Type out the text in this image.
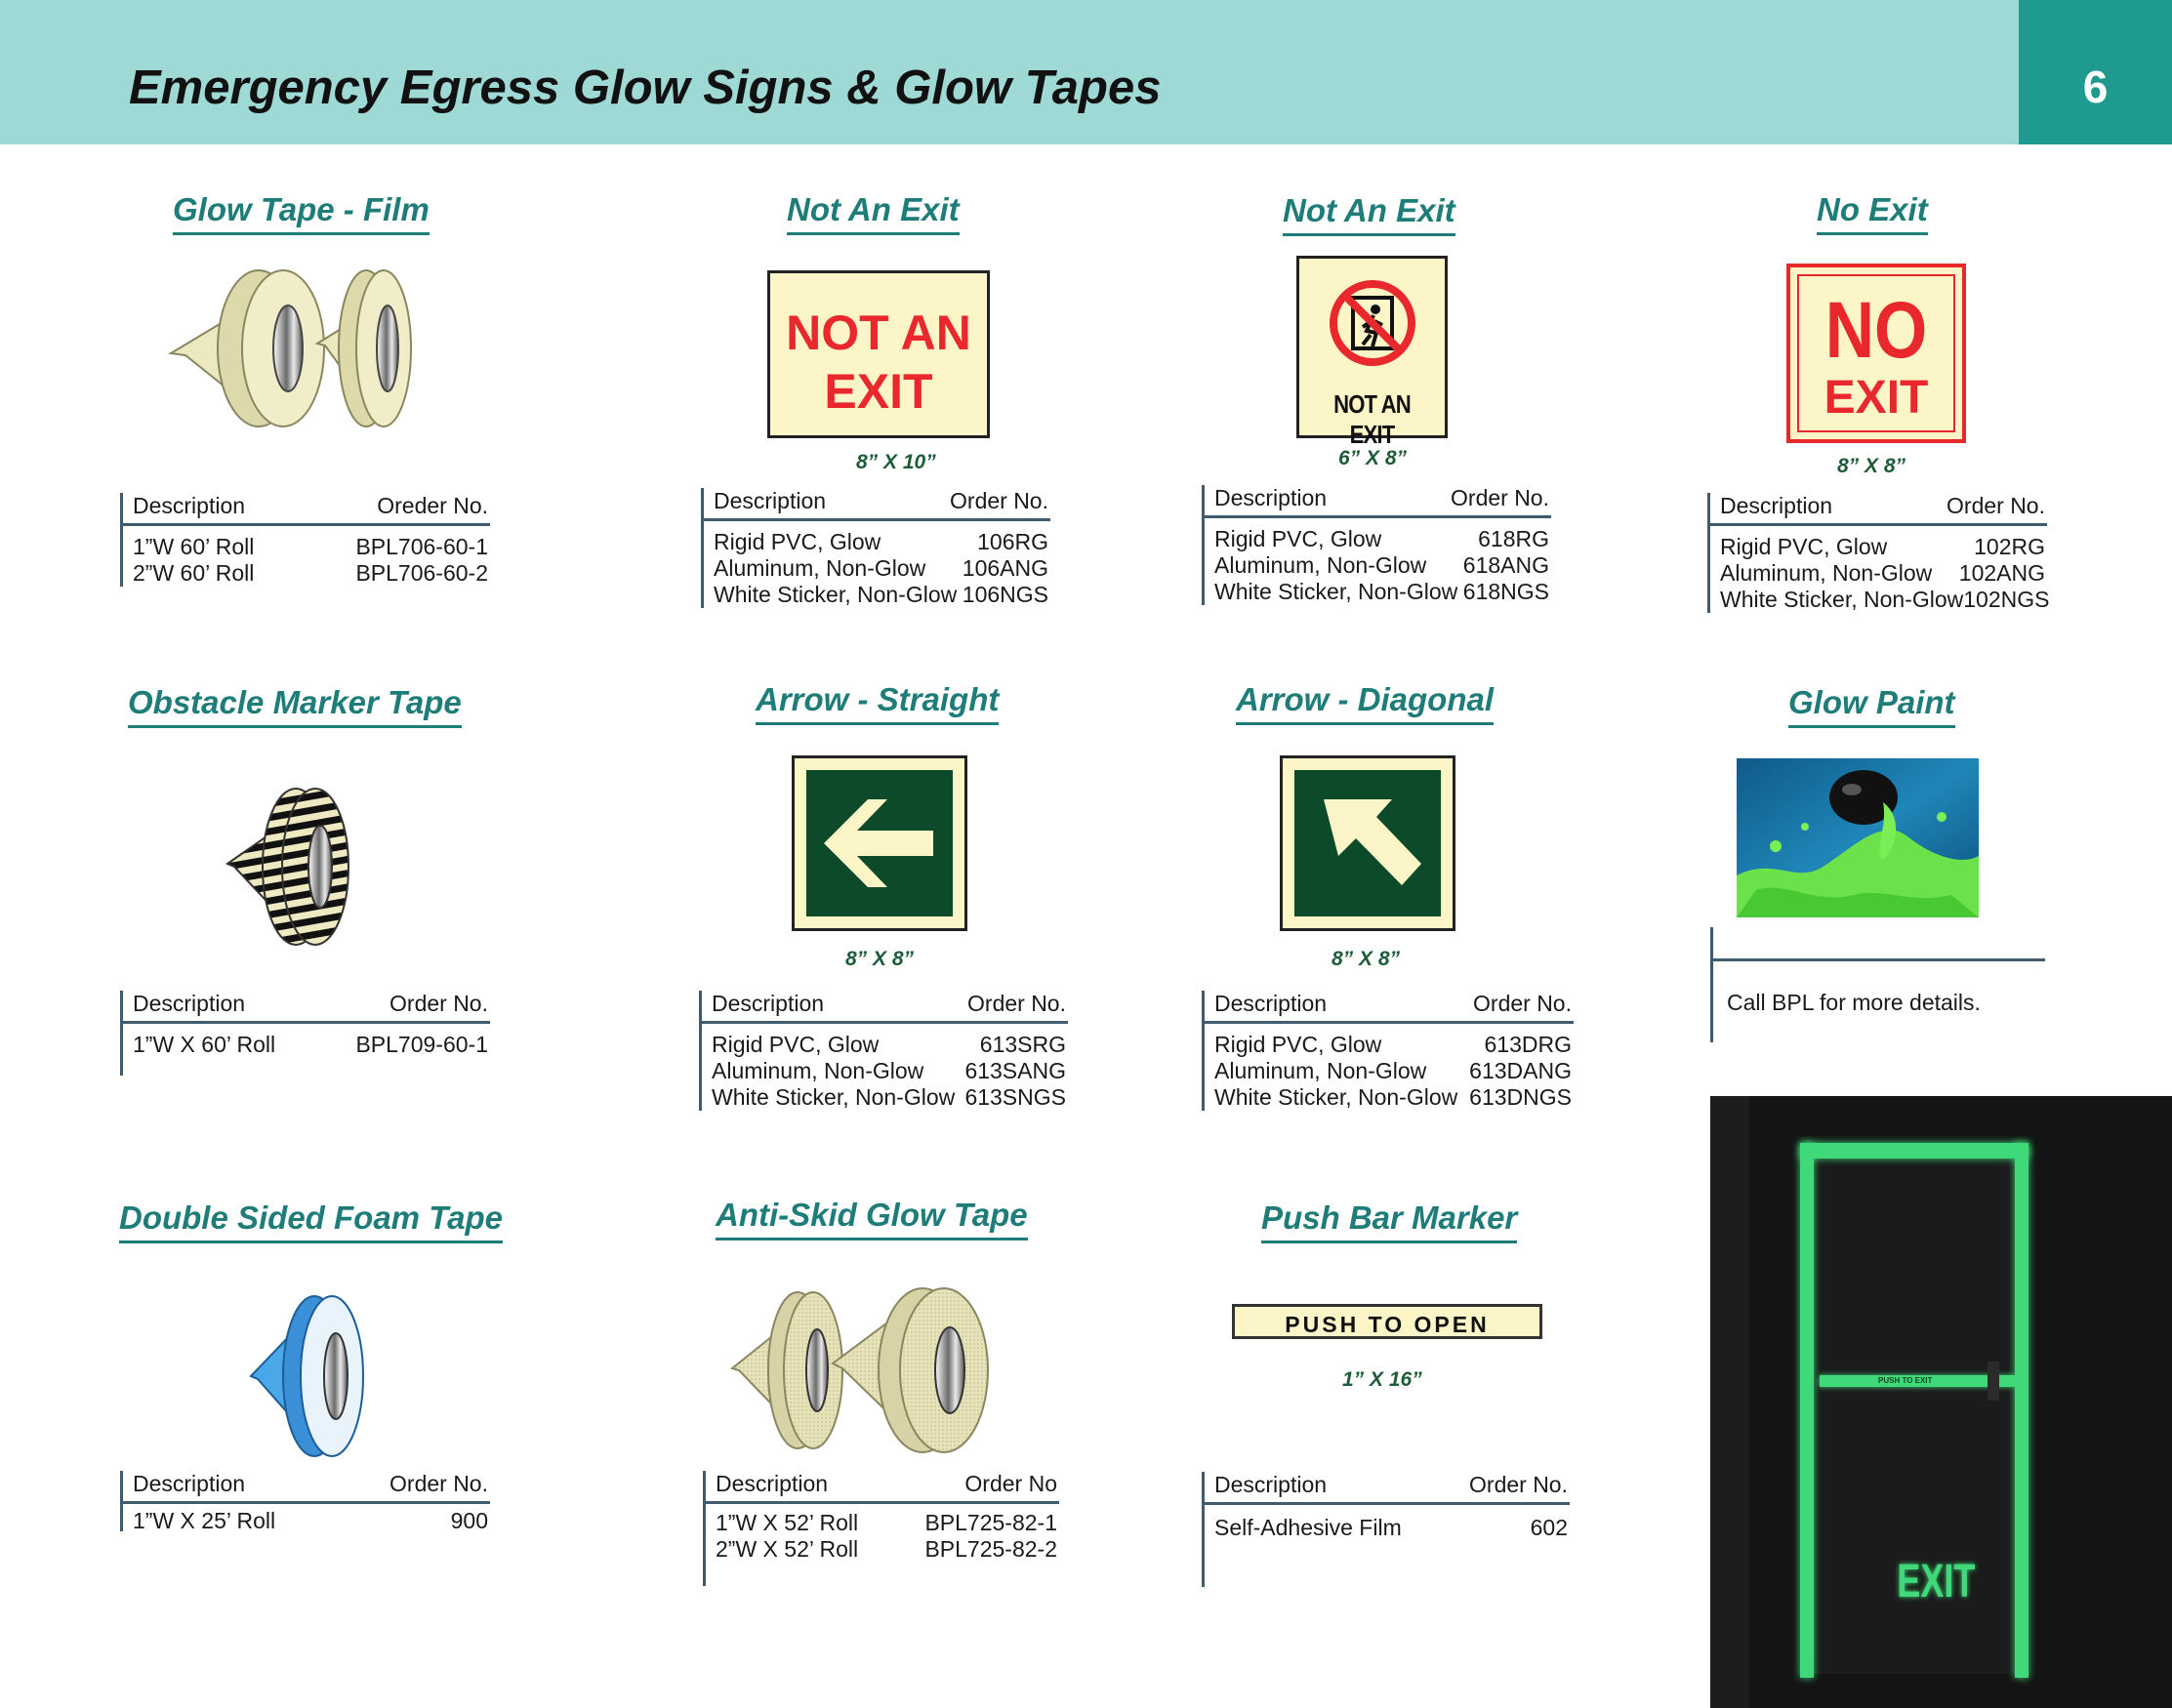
Emergency Egress Glow Signs & Glow Tapes	6
Glow Tape - Film
Description	Oreder No.
1”W 60’ Roll	BPL706-60-1
2”W 60’ Roll	BPL706-60-2
Not An Exit
NOT AN
EXIT
8” X 10”
Description	Order No.
Rigid PVC, Glow	106RG
Aluminum, Non-Glow 106ANG
White Sticker, Non-Glow 106NGS
Not An Exit
NOT AN EXIT
6” X 8”
Description	Order No.
Rigid PVC, Glow	618RG
Aluminum, Non-Glow 618ANG
White Sticker, Non-Glow 618NGS
No Exit
NO
EXIT
8” X 8”
Description	Order No.
Rigid PVC, Glow	102RG
Aluminum, Non-Glow 102ANG
White Sticker, Non-Glow 102NGS
Obstacle Marker Tape
Description	Order No.
1”W X 60’ Roll	BPL709-60-1
Arrow - Straight
8” X 8”
Description	Order No.
Rigid PVC, Glow	613SRG
Aluminum, Non-Glow 613SANG
White Sticker, Non-Glow 613SNGS
Arrow - Diagonal
8” X 8”
Description	Order No.
Rigid PVC, Glow	613DRG
Aluminum, Non-Glow 613DANG
White Sticker, Non-Glow 613DNGS
Glow Paint
Call BPL for more details.
Double Sided Foam Tape
Description	Order No.
1”W X 25’ Roll	900
Anti-Skid Glow Tape
Description	Order No
1”W X 52’ Roll	BPL725-82-1
2”W X 52’ Roll	BPL725-82-2
Push Bar Marker
PUSH TO OPEN
1” X 16”
Description	Order No.
Self-Adhesive Film	602
PUSH TO EXIT
EXIT
